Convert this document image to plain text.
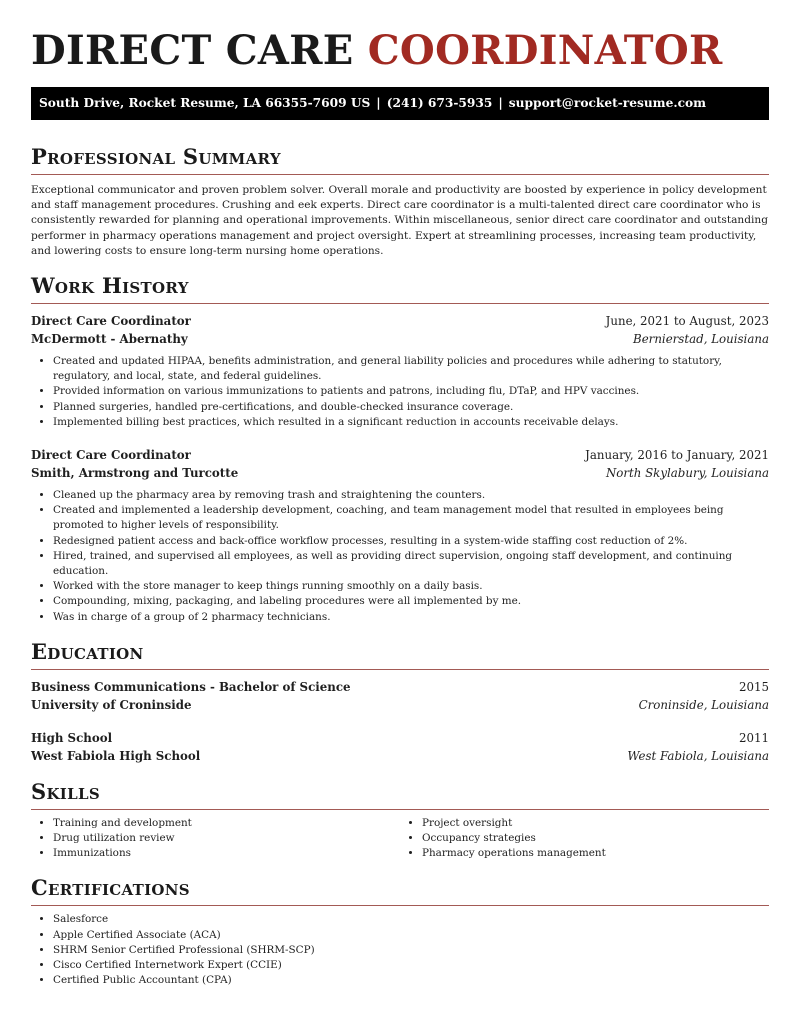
DIRECT CARE COORDINATOR
South Drive, Rocket Resume, LA 66355-7609 US | (241) 673-5935 | support@rocket-resume.com
Professional Summary

Exceptional communicator and proven problem solver. Overall morale and productivity are boosted by experience in policy development and staff management procedures. Crushing and eek experts. Direct care coordinator is a multi-talented direct care coordinator who is consistently rewarded for planning and operational improvements. Within miscellaneous, senior direct care coordinator and outstanding performer in pharmacy operations management and project oversight. Expert at streamlining processes, increasing team productivity, and lowering costs to ensure long-term nursing home operations.

Work History
Direct Care Coordinator	June, 2021 to August, 2023
McDermott - Abernathy	Bernierstad, Louisiana
• Created and updated HIPAA, benefits administration, and general liability policies and procedures while adhering to statutory, regulatory, and local, state, and federal guidelines.
• Provided information on various immunizations to patients and patrons, including flu, DTaP, and HPV vaccines.
• Planned surgeries, handled pre-certifications, and double-checked insurance coverage.
• Implemented billing best practices, which resulted in a significant reduction in accounts receivable delays.
Direct Care Coordinator	January, 2016 to January, 2021
Smith, Armstrong and Turcotte	North Skylabury, Louisiana
• Cleaned up the pharmacy area by removing trash and straightening the counters.
• Created and implemented a leadership development, coaching, and team management model that resulted in employees being promoted to higher levels of responsibility.
• Redesigned patient access and back-office workflow processes, resulting in a system-wide staffing cost reduction of 2%.
• Hired, trained, and supervised all employees, as well as providing direct supervision, ongoing staff development, and continuing education.
• Worked with the store manager to keep things running smoothly on a daily basis.
• Compounding, mixing, packaging, and labeling procedures were all implemented by me.
• Was in charge of a group of 2 pharmacy technicians.
Education
Business Communications - Bachelor of Science	2015
University of Croninside	Croninside, Louisiana
High School	2011
West Fabiola High School	West Fabiola, Louisiana
Skills
• Training and development
• Drug utilization review
• Immunizations
• Project oversight
• Occupancy strategies
• Pharmacy operations management
Certifications
• Salesforce
• Apple Certified Associate (ACA)
• SHRM Senior Certified Professional (SHRM-SCP)
• Cisco Certified Internetwork Expert (CCIE)
• Certified Public Accountant (CPA)
